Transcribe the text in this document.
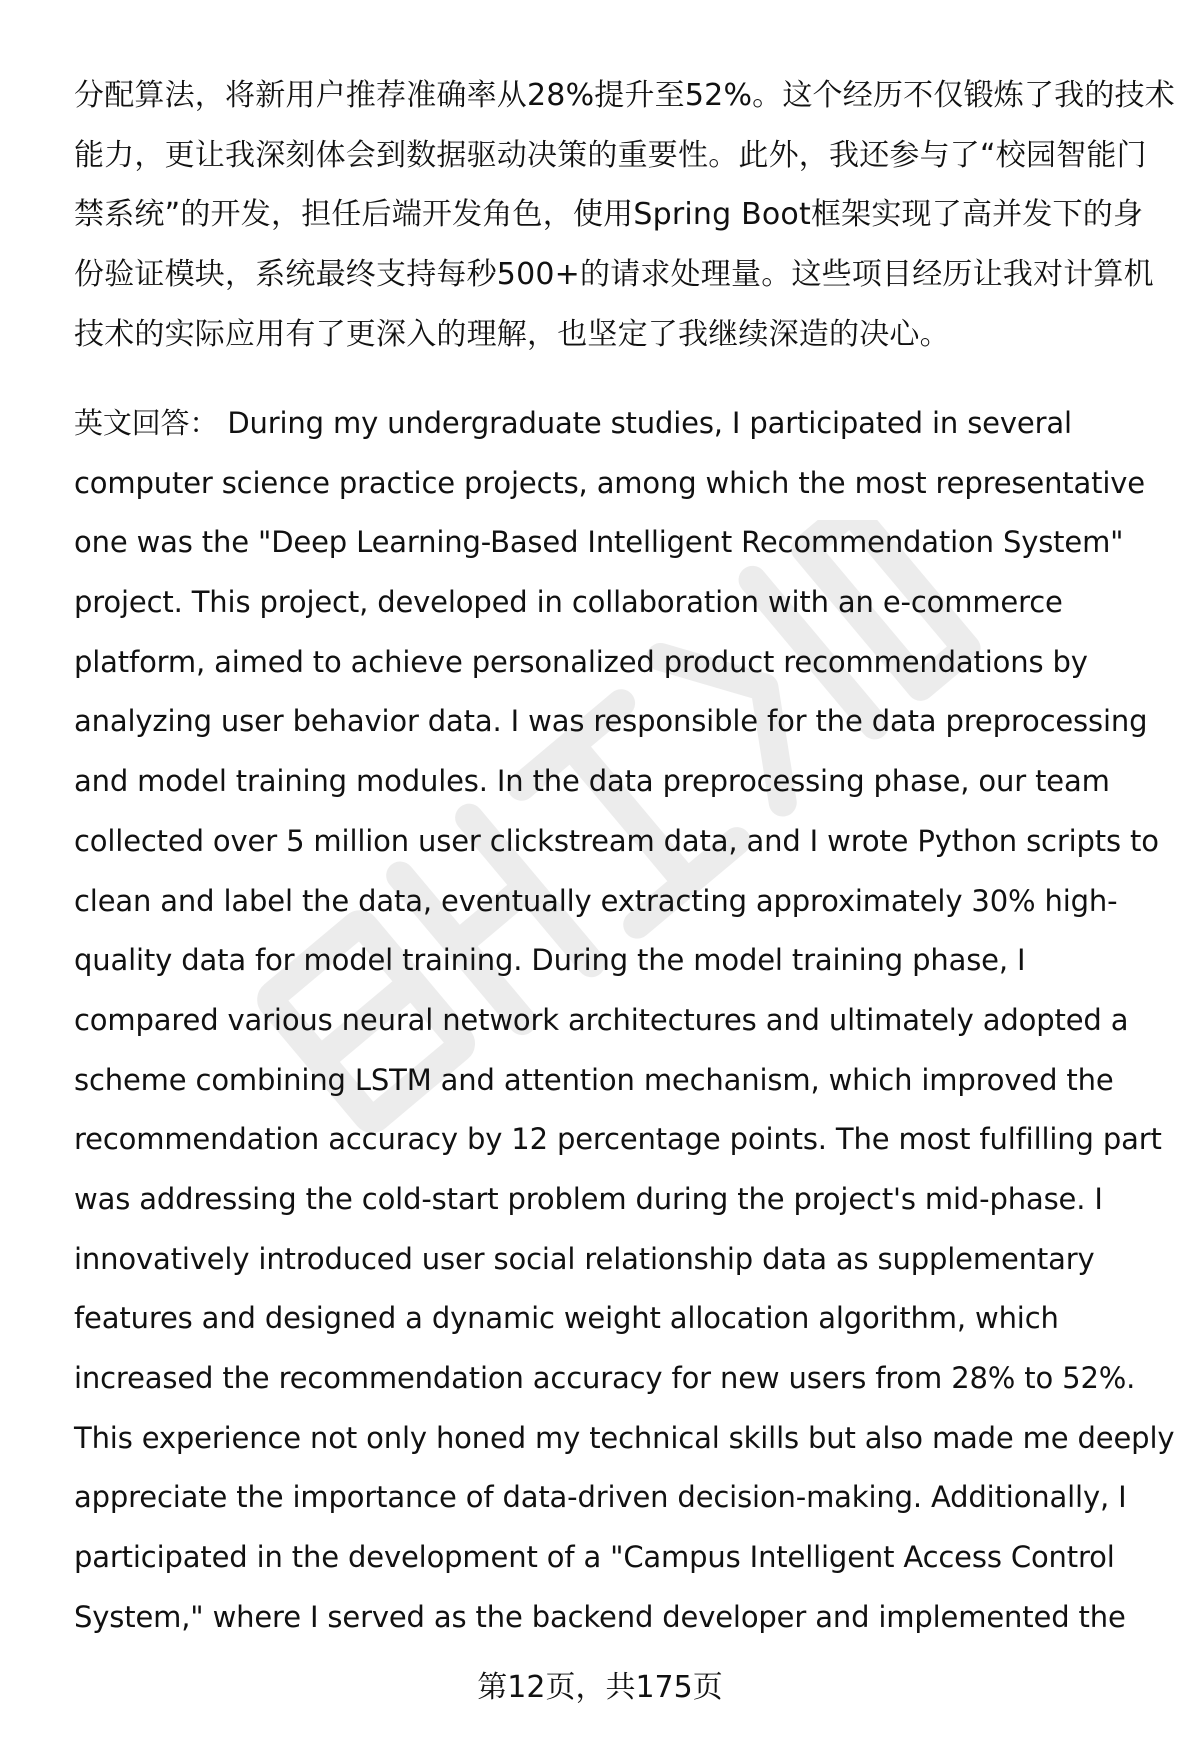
分配算法，将新用户推荐准确率从28%提升至52%。这个经历不仅锻炼了我的技术
能力，更让我深刻体会到数据驱动决策的重要性。此外，我还参与了“校园智能门
禁系统”的开发，担任后端开发角色，使用Spring Boot框架实现了高并发下的身
份验证模块，系统最终支持每秒500+的请求处理量。这些项目经历让我对计算机
技术的实际应用有了更深入的理解，也坚定了我继续深造的决心。
英文回答： During my undergraduate studies, I participated in several
computer science practice projects, among which the most representative
one was the "Deep Learning-Based Intelligent Recommendation System"
project. This project, developed in collaboration with an e-commerce
platform, aimed to achieve personalized product recommendations by
analyzing user behavior data. I was responsible for the data preprocessing
and model training modules. In the data preprocessing phase, our team
collected over 5 million user clickstream data, and I wrote Python scripts to
clean and label the data, eventually extracting approximately 30% high-
quality data for model training. During the model training phase, I
compared various neural network architectures and ultimately adopted a
scheme combining LSTM and attention mechanism, which improved the
recommendation accuracy by 12 percentage points. The most fulfilling part
was addressing the cold-start problem during the project's mid-phase. I
innovatively introduced user social relationship data as supplementary
features and designed a dynamic weight allocation algorithm, which
increased the recommendation accuracy for new users from 28% to 52%.
This experience not only honed my technical skills but also made me deeply
appreciate the importance of data-driven decision-making. Additionally, I
participated in the development of a "Campus Intelligent Access Control
System," where I served as the backend developer and implemented the
第12页，共175页
